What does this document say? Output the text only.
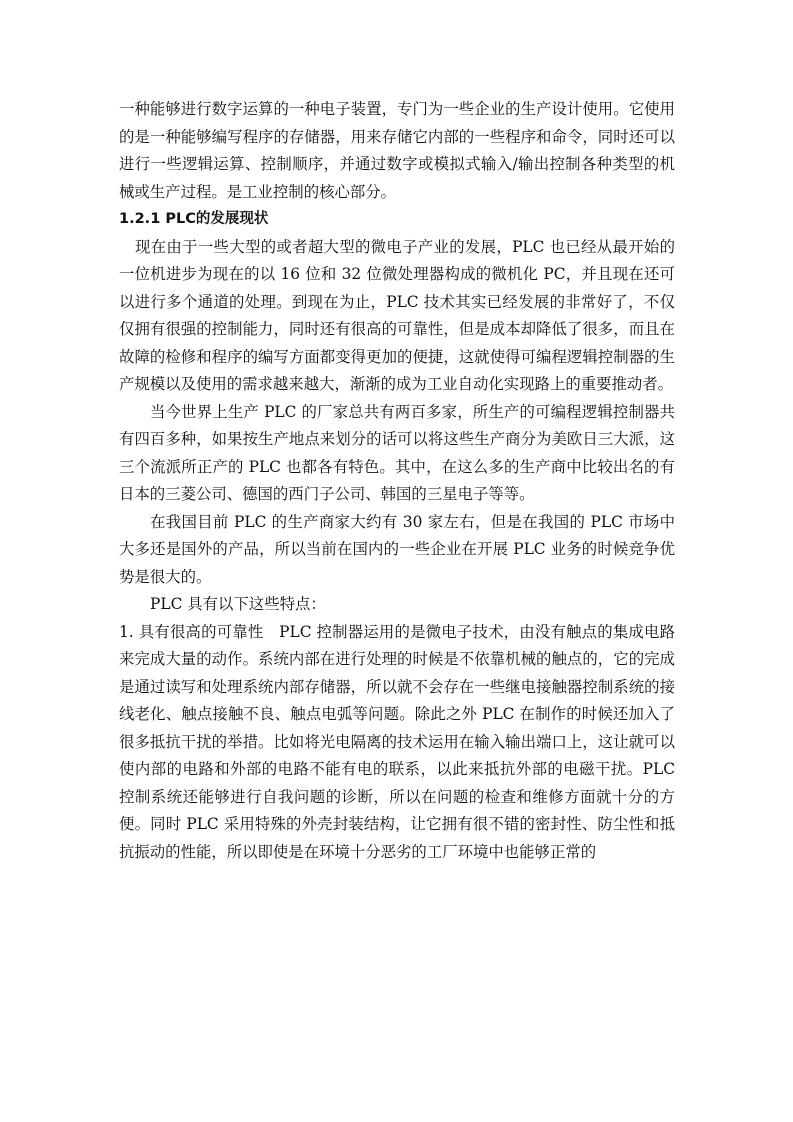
一种能够进行数字运算的一种电子装置，专门为一些企业的生产设计使用。它使用的是一种能够编写程序的存储器，用来存储它内部的一些程序和命令，同时还可以进行一些逻辑运算、控制顺序，并通过数字或模拟式输入/输出控制各种类型的机械或生产过程。是工业控制的核心部分。

1.2.1 PLC的发展现状

现在由于一些大型的或者超大型的微电子产业的发展，PLC 也已经从最开始的一位机进步为现在的以 16 位和 32 位微处理器构成的微机化 PC，并且现在还可以进行多个通道的处理。到现在为止，PLC 技术其实已经发展的非常好了，不仅仅拥有很强的控制能力，同时还有很高的可靠性，但是成本却降低了很多，而且在故障的检修和程序的编写方面都变得更加的便捷，这就使得可编程逻辑控制器的生产规模以及使用的需求越来越大，渐渐的成为工业自动化实现路上的重要推动者。

当今世界上生产 PLC 的厂家总共有两百多家，所生产的可编程逻辑控制器共有四百多种，如果按生产地点来划分的话可以将这些生产商分为美欧日三大派，这三个流派所正产的 PLC 也都各有特色。其中，在这么多的生产商中比较出名的有日本的三菱公司、德国的西门子公司、韩国的三星电子等等。

在我国目前 PLC 的生产商家大约有 30 家左右，但是在我国的 PLC 市场中大多还是国外的产品，所以当前在国内的一些企业在开展 PLC 业务的时候竞争优势是很大的。

PLC 具有以下这些特点：

1. 具有很高的可靠性　PLC 控制器运用的是微电子技术，由没有触点的集成电路来完成大量的动作。系统内部在进行处理的时候是不依靠机械的触点的，它的完成是通过读写和处理系统内部存储器，所以就不会存在一些继电接触器控制系统的接线老化、触点接触不良、触点电弧等问题。除此之外 PLC 在制作的时候还加入了很多抵抗干扰的举措。比如将光电隔离的技术运用在输入输出端口上，这让就可以使内部的电路和外部的电路不能有电的联系，以此来抵抗外部的电磁干扰。PLC 控制系统还能够进行自我问题的诊断，所以在问题的检查和维修方面就十分的方便。同时 PLC 采用特殊的外壳封装结构，让它拥有很不错的密封性、防尘性和抵抗振动的性能，所以即使是在环境十分恶劣的工厂环境中也能够正常的
